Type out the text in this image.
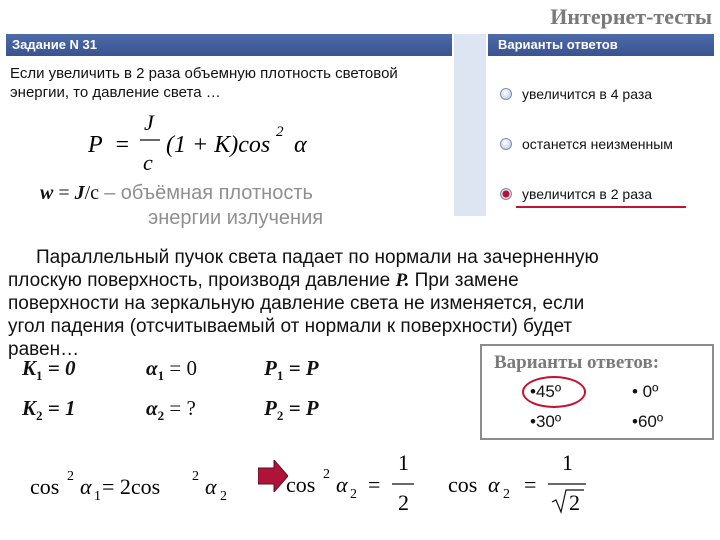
Интернет-тесты
Задание N 31	Варианты ответов
Если увеличить в 2 раза объемную плотность световой
энергии, то давление света …
P =
J
c
(1 + K)cos 2 α
w = J/c – объёмная плотность
энергии излучения
увеличится в 4 раза
останется неизменным
увеличится в 2 раза
Параллельный пучок света падает по нормали на зачерненную
плоскую поверхность, производя давление P. При замене
поверхности на зеркальную давление света не изменяется, если
угол падения (отсчитываемый от нормали к поверхности) будет
равен…
$K_1 = 0$	$\alpha_1 = 0$	$P_1 = P$
$K_2 = 1$	$\alpha_2$ = ?	$P_2 = P$
Варианты ответов:
•45º	• 0º
•30º	•60º
cos 2 α 1 = 2cos 2 α 2	cos 2 α 2 =
1
2
cos α 2 =
1
2
